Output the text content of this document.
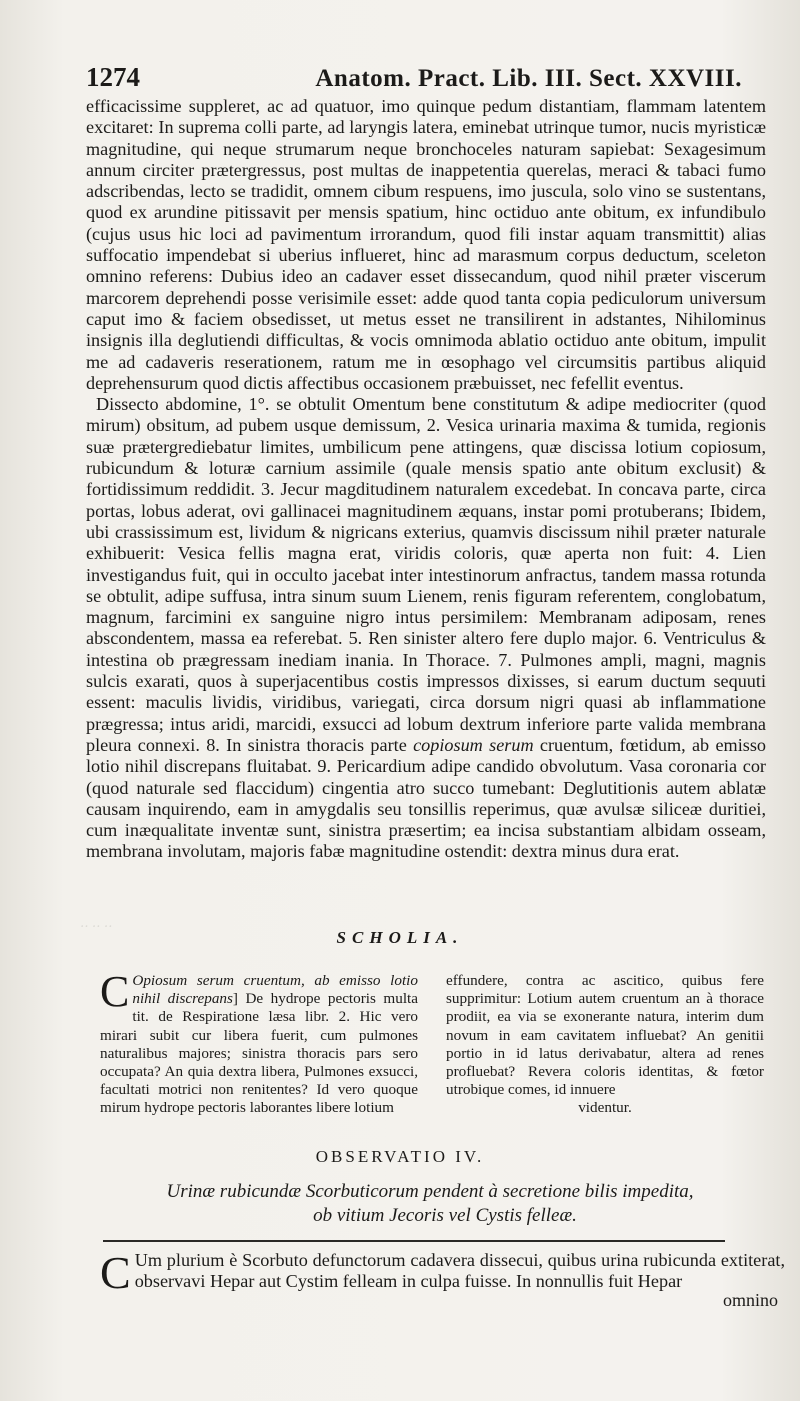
‥ ‥ ‥
1274	Anatom. Pract. Lib. III. Sect. XXVIII.

efficacissime suppleret, ac ad quatuor, imo quinque pedum distantiam, flammam latentem excitaret: In suprema colli parte, ad laryngis latera, eminebat utrinque tumor, nucis myristicæ magnitudine, qui neque strumarum neque bronchoceles naturam sapiebat: Sexagesimum annum circiter prætergressus, post multas de inappetentia querelas, meraci & tabaci fumo adscribendas, lecto se tradidit, omnem cibum respuens, imo juscula, solo vino se sustentans, quod ex arundine pitissavit per mensis spatium, hinc octiduo ante obitum, ex infundibulo (cujus usus hic loci ad pavimentum irrorandum, quod fili instar aquam transmittit) alias suffocatio impendebat si uberius influeret, hinc ad marasmum corpus deductum, sceleton omnino referens: Dubius ideo an cadaver esset dissecandum, quod nihil præter viscerum marcorem deprehendi posse verisimile esset: adde quod tanta copia pediculorum universum caput imo & faciem obsedisset, ut metus esset ne transilirent in adstantes, Nihilominus insignis illa deglutiendi difficultas, & vocis omnimoda ablatio octiduo ante obitum, impulit me ad cadaveris reserationem, ratum me in œsophago vel circumsitis partibus aliquid deprehensurum quod dictis affectibus occasionem præbuisset, nec fefellit eventus.

Dissecto abdomine, 1°. se obtulit Omentum bene constitutum & adipe mediocriter (quod mirum) obsitum, ad pubem usque demissum, 2. Vesica urinaria maxima & tumida, regionis suæ prætergrediebatur limites, umbilicum pene attingens, quæ discissa lotium copiosum, rubicundum & loturæ carnium assimile (quale mensis spatio ante obitum exclusit) & fortidissimum reddidit. 3. Jecur magditudinem naturalem excedebat. In concava parte, circa portas, lobus aderat, ovi gallinacei magnitudinem æquans, instar pomi protuberans; Ibidem, ubi crassissimum est, lividum & nigricans exterius, quamvis discissum nihil præter naturale exhibuerit: Vesica fellis magna erat, viridis coloris, quæ aperta non fuit: 4. Lien investigandus fuit, qui in occulto jacebat inter intestinorum anfractus, tandem massa rotunda se obtulit, adipe suffusa, intra sinum suum Lienem, renis figuram referentem, conglobatum, magnum, farcimini ex sanguine nigro intus persimilem: Membranam adiposam, renes abscondentem, massa ea referebat. 5. Ren sinister altero fere duplo major. 6. Ventriculus & intestina ob prægressam inediam inania. In Thorace. 7. Pulmones ampli, magni, magnis sulcis exarati, quos à superjacentibus costis impressos dixisses, si earum ductum sequuti essent: maculis lividis, viridibus, variegati, circa dorsum nigri quasi ab inflammatione prægressa; intus aridi, marcidi, exsucci ad lobum dextrum inferiore parte valida membrana pleura connexi. 8. In sinistra thoracis parte copiosum serum cruentum, fœtidum, ab emisso lotio nihil discrepans fluitabat. 9. Pericardium adipe candido obvolutum. Vasa coronaria cor (quod naturale sed flaccidum) cingentia atro succo tumebant: Deglutitionis autem ablatæ causam inquirendo, eam in amygdalis seu tonsillis reperimus, quæ avulsæ siliceæ duritiei, cum inæqualitate inventæ sunt, sinistra præsertim; ea incisa substantiam albidam osseam, membrana involutam, majoris fabæ magnitudine ostendit: dextra minus dura erat.

SCHOLIA.
C Opiosum serum cruentum, ab emisso lotio nihil discrepans] De hydrope pectoris multa tit. de Respiratione læsa libr. 2. Hic vero mirari subit cur libera fuerit, cum pulmones naturalibus majores; sinistra thoracis pars sero occupata? An quia dextra libera, Pulmones exsucci, facultati motrici non renitentes? Id vero quoque mirum hydrope pectoris laborantes libere lotium
effundere, contra ac ascitico, quibus fere supprimitur: Lotium autem cruentum an à thorace prodiit, ea via se exonerante natura, interim dum novum in eam cavitatem influebat? An genitii portio in id latus derivabatur, altera ad renes profluebat? Revera coloris identitas, & fœtor utrobique comes, id innuere
videntur.
OBSERVATIO IV.
Urinæ rubicundæ Scorbuticorum pendent à secretione bilis impedita,
ob vitium Jecoris vel Cystis felleæ.
C Um plurium è Scorbuto defunctorum cadavera dissecui, quibus urina rubicunda extiterat, observavi Hepar aut Cystim felleam in culpa fuisse. In nonnullis fuit Hepar
omnino
